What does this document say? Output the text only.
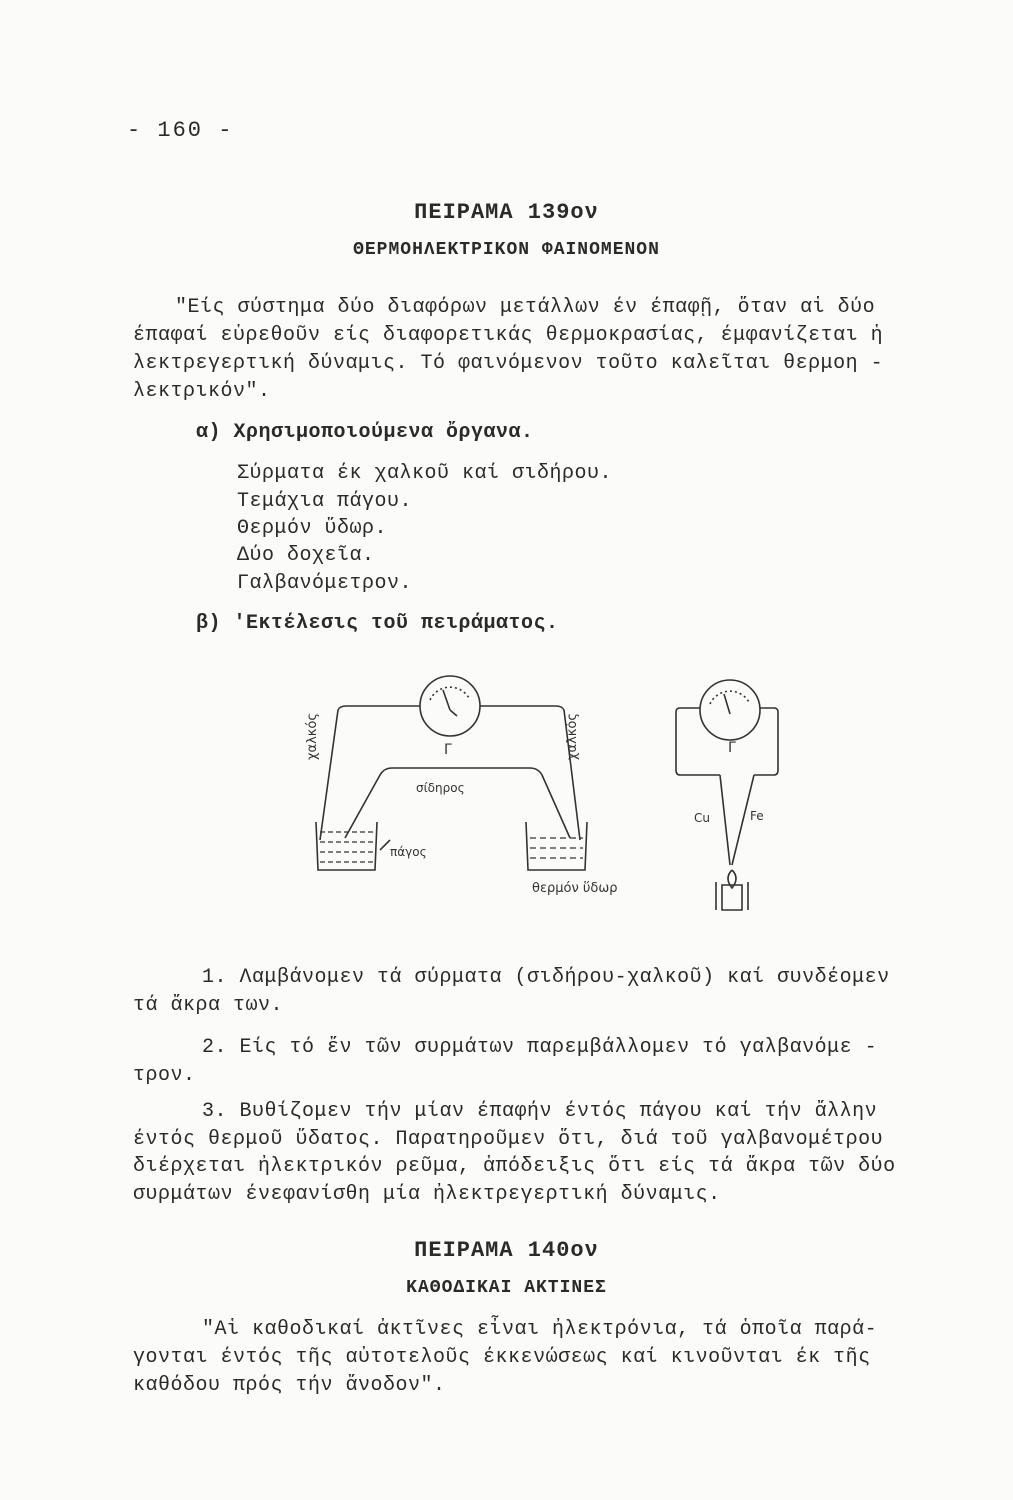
- 160 -
ΠΕΙΡΑΜΑ 139ον
ΘΕΡΜΟΗΛΕΚΤΡΙΚΟΝ ΦΑΙΝΟΜΕΝΟΝ
"Είς σύστημα δύο διαφόρων μετάλλων έν έπαφῇ, ὅταν αἱ δύο
έπαφαί εὑρεθοῦν είς διαφορετικάς θερμοκρασίας, έμφανίζεται ἡ
λεκτρεγερτική δύναμις. Τό φαινόμενον τοῦτο καλεῖται θερμοη -
λεκτρικόν".
α) Χρησιμοποιούμενα ὄργανα.
Σύρματα έκ χαλκοῦ καί σιδήρου.
Τεμάχια πάγου.
Θερμόν ὕδωρ.
Δύο δοχεῖα.
Γαλβανόμετρον.
β) 'Εκτέλεσις τοῦ πειράματος.
Γ
χαλκός	χαλκός
σίδηρος
πάγος
θερμόν ὕδωρ
Γ
Cu	Fe
1. Λαμβάνομεν τά σύρματα (σιδήρου-χαλκοῦ) καί συνδέομεν
τά ἄκρα των.
2. Είς τό ἕν τῶν συρμάτων παρεμβάλλομεν τό γαλβανόμε -
τρον.
3. Βυθίζομεν τήν μίαν έπαφήν έντός πάγου καί τήν ἄλλην
έντός θερμοῦ ὕδατος. Παρατηροῦμεν ὅτι, διά τοῦ γαλβανομέτρου
διέρχεται ἠλεκτρικόν ρεῦμα, ἀπόδειξις ὅτι είς τά ἄκρα τῶν δύο
συρμάτων ένεφανίσθη μία ἠλεκτρεγερτική δύναμις.
ΠΕΙΡΑΜΑ 140ον
ΚΑΘΟΔΙΚΑΙ ΑΚΤΙΝΕΣ
"Αἱ καθοδικαί ἀκτῖνες εἶναι ἠλεκτρόνια, τά ὁποῖα παρά-
γονται έντός τῆς αὐτοτελοῦς έκκενώσεως καί κινοῦνται έκ τῆς
καθόδου πρός τήν ἄνοδον".
